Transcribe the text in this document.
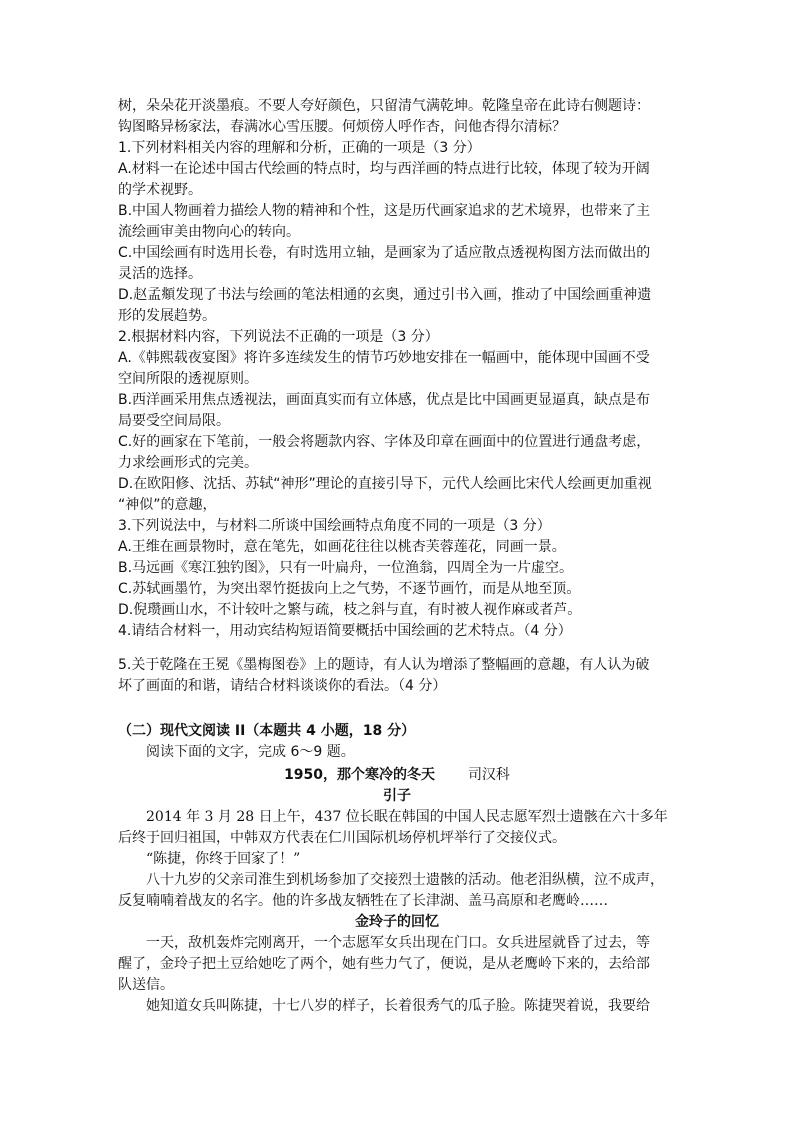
树，朵朵花开淡墨痕。不要人夸好颜色，只留清气满乾坤。乾隆皇帝在此诗右侧题诗：
钩图略异杨家法，春满冰心雪压腰。何烦傍人呼作杏，问他杏得尔清标？
1.下列材料相关内容的理解和分析，正确的一项是（3 分）
A.材料一在论述中国古代绘画的特点时，均与西洋画的特点进行比较，体现了较为开阔
的学术视野。
B.中国人物画着力描绘人物的精神和个性，这是历代画家追求的艺术境界，也带来了主
流绘画审美由物向心的转向。
C.中国绘画有时选用长卷，有时选用立轴，是画家为了适应散点透视构图方法而做出的
灵活的选择。
D.赵孟頫发现了书法与绘画的笔法相通的玄奥，通过引书入画，推动了中国绘画重神遗
形的发展趋势。
2.根据材料内容，下列说法不正确的一项是（3 分）
A.《韩熙载夜宴图》将许多连续发生的情节巧妙地安排在一幅画中，能体现中国画不受
空间所限的透视原则。
B.西洋画采用焦点透视法，画面真实而有立体感，优点是比中国画更显逼真，缺点是布
局要受空间局限。
C.好的画家在下笔前，一般会将题款内容、字体及印章在画面中的位置进行通盘考虑，
力求绘画形式的完美。
D.在欧阳修、沈括、苏轼“神形”理论的直接引导下，元代人绘画比宋代人绘画更加重视
“神似”的意趣，
3.下列说法中，与材料二所谈中国绘画特点角度不同的一项是（3 分）
A.王维在画景物时，意在笔先，如画花往往以桃杏芙蓉莲花，同画一景。
B.马远画《寒江独钓图》，只有一叶扁舟，一位渔翁，四周全为一片虚空。
C.苏轼画墨竹，为突出翠竹挺拔向上之气势，不逐节画竹，而是从地至顶。
D.倪瓒画山水，不计较叶之繁与疏，枝之斜与直，有时被人视作麻或者芦。
4.请结合材料一，用动宾结构短语简要概括中国绘画的艺术特点。（4 分）
5.关于乾隆在王冕《墨梅图卷》上的题诗，有人认为增添了整幅画的意趣，有人认为破
坏了画面的和谐，请结合材料谈谈你的看法。（4 分）
（二）现代文阅读 II（本题共 4 小题，18 分）
阅读下面的文字，完成 6～9 题。
1950，那个寒冷的冬天 司汉科
引子
2014 年 3 月 28 日上午，437 位长眠在韩国的中国人民志愿军烈士遗骸在六十多年
后终于回归祖国，中韩双方代表在仁川国际机场停机坪举行了交接仪式。
“陈捷，你终于回家了！”
八十九岁的父亲司淮生到机场参加了交接烈士遗骸的活动。他老泪纵横，泣不成声，
反复喃喃着战友的名字。他的许多战友牺牲在了长津湖、盖马高原和老鹰岭……
金玲子的回忆
一天，敌机轰炸完刚离开，一个志愿军女兵出现在门口。女兵进屋就昏了过去，等
醒了，金玲子把土豆给她吃了两个，她有些力气了，便说，是从老鹰岭下来的，去给部
队送信。
她知道女兵叫陈捷，十七八岁的样子，长着很秀气的瓜子脸。陈捷哭着说，我要给
